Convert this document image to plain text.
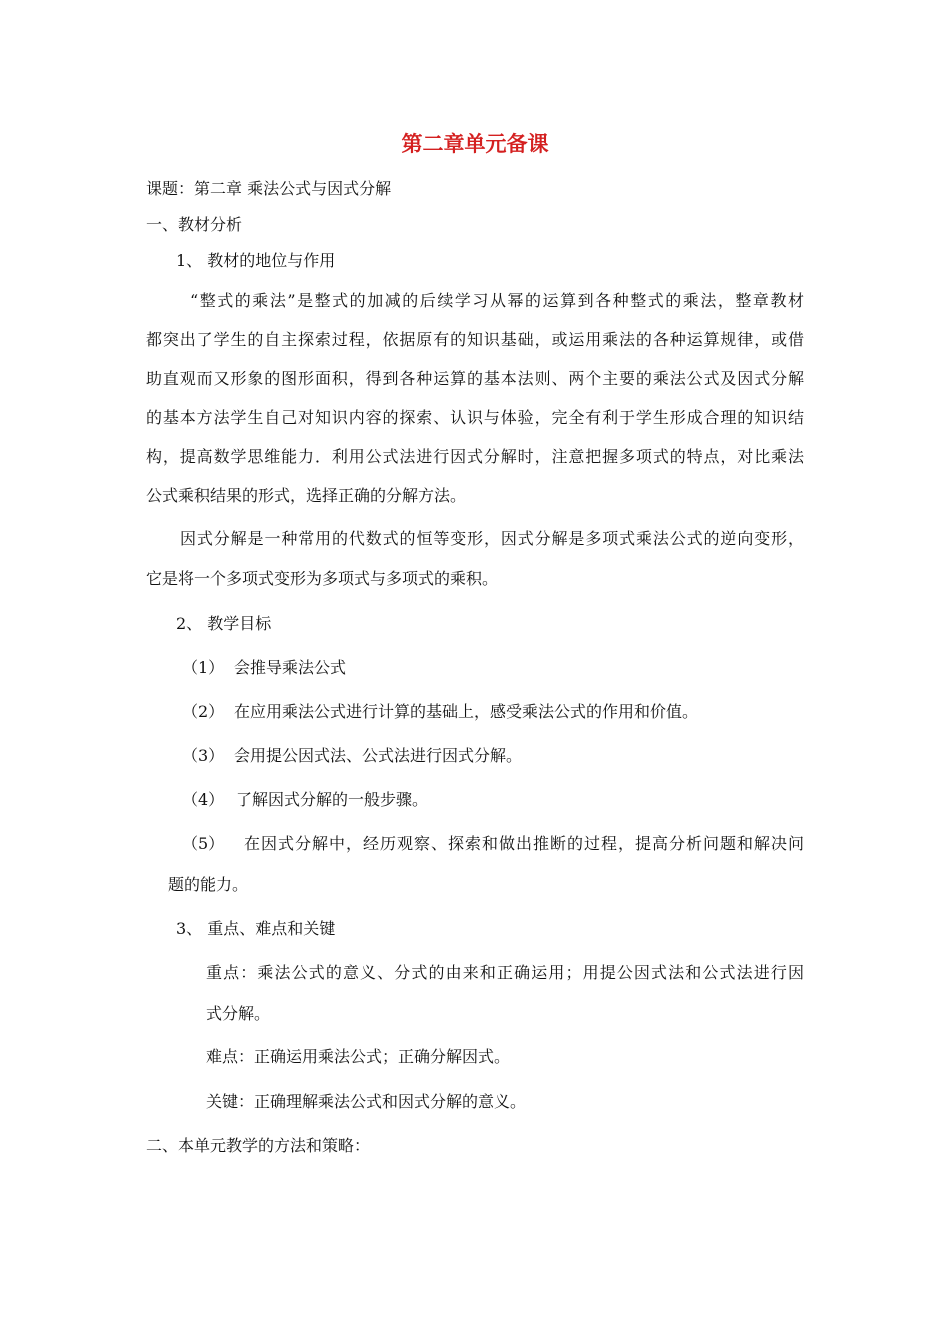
第二章单元备课
课题：第二章 乘法公式与因式分解
一、教材分析
1、 教材的地位与作用
“整式的乘法”是整式的加减的后续学习从幂的运算到各种整式的乘法，整章教材
都突出了学生的自主探索过程，依据原有的知识基础，或运用乘法的各种运算规律，或借
助直观而又形象的图形面积，得到各种运算的基本法则、两个主要的乘法公式及因式分解
的基本方法学生自己对知识内容的探索、认识与体验，完全有利于学生形成合理的知识结
构，提高数学思维能力．利用公式法进行因式分解时，注意把握多项式的特点，对比乘法
公式乘积结果的形式，选择正确的分解方法。
因式分解是一种常用的代数式的恒等变形，因式分解是多项式乘法公式的逆向变形，
它是将一个多项式变形为多项式与多项式的乘积。
2、 教学目标
（1） 会推导乘法公式
（2） 在应用乘法公式进行计算的基础上，感受乘法公式的作用和价值。
（3） 会用提公因式法、公式法进行因式分解。
（4） 了解因式分解的一般步骤。
（5） 在因式分解中，经历观察、探索和做出推断的过程，提高分析问题和解决问
题的能力。
3、 重点、难点和关键
重点：乘法公式的意义、分式的由来和正确运用；用提公因式法和公式法进行因
式分解。
难点：正确运用乘法公式；正确分解因式。
关键：正确理解乘法公式和因式分解的意义。
二、本单元教学的方法和策略：
